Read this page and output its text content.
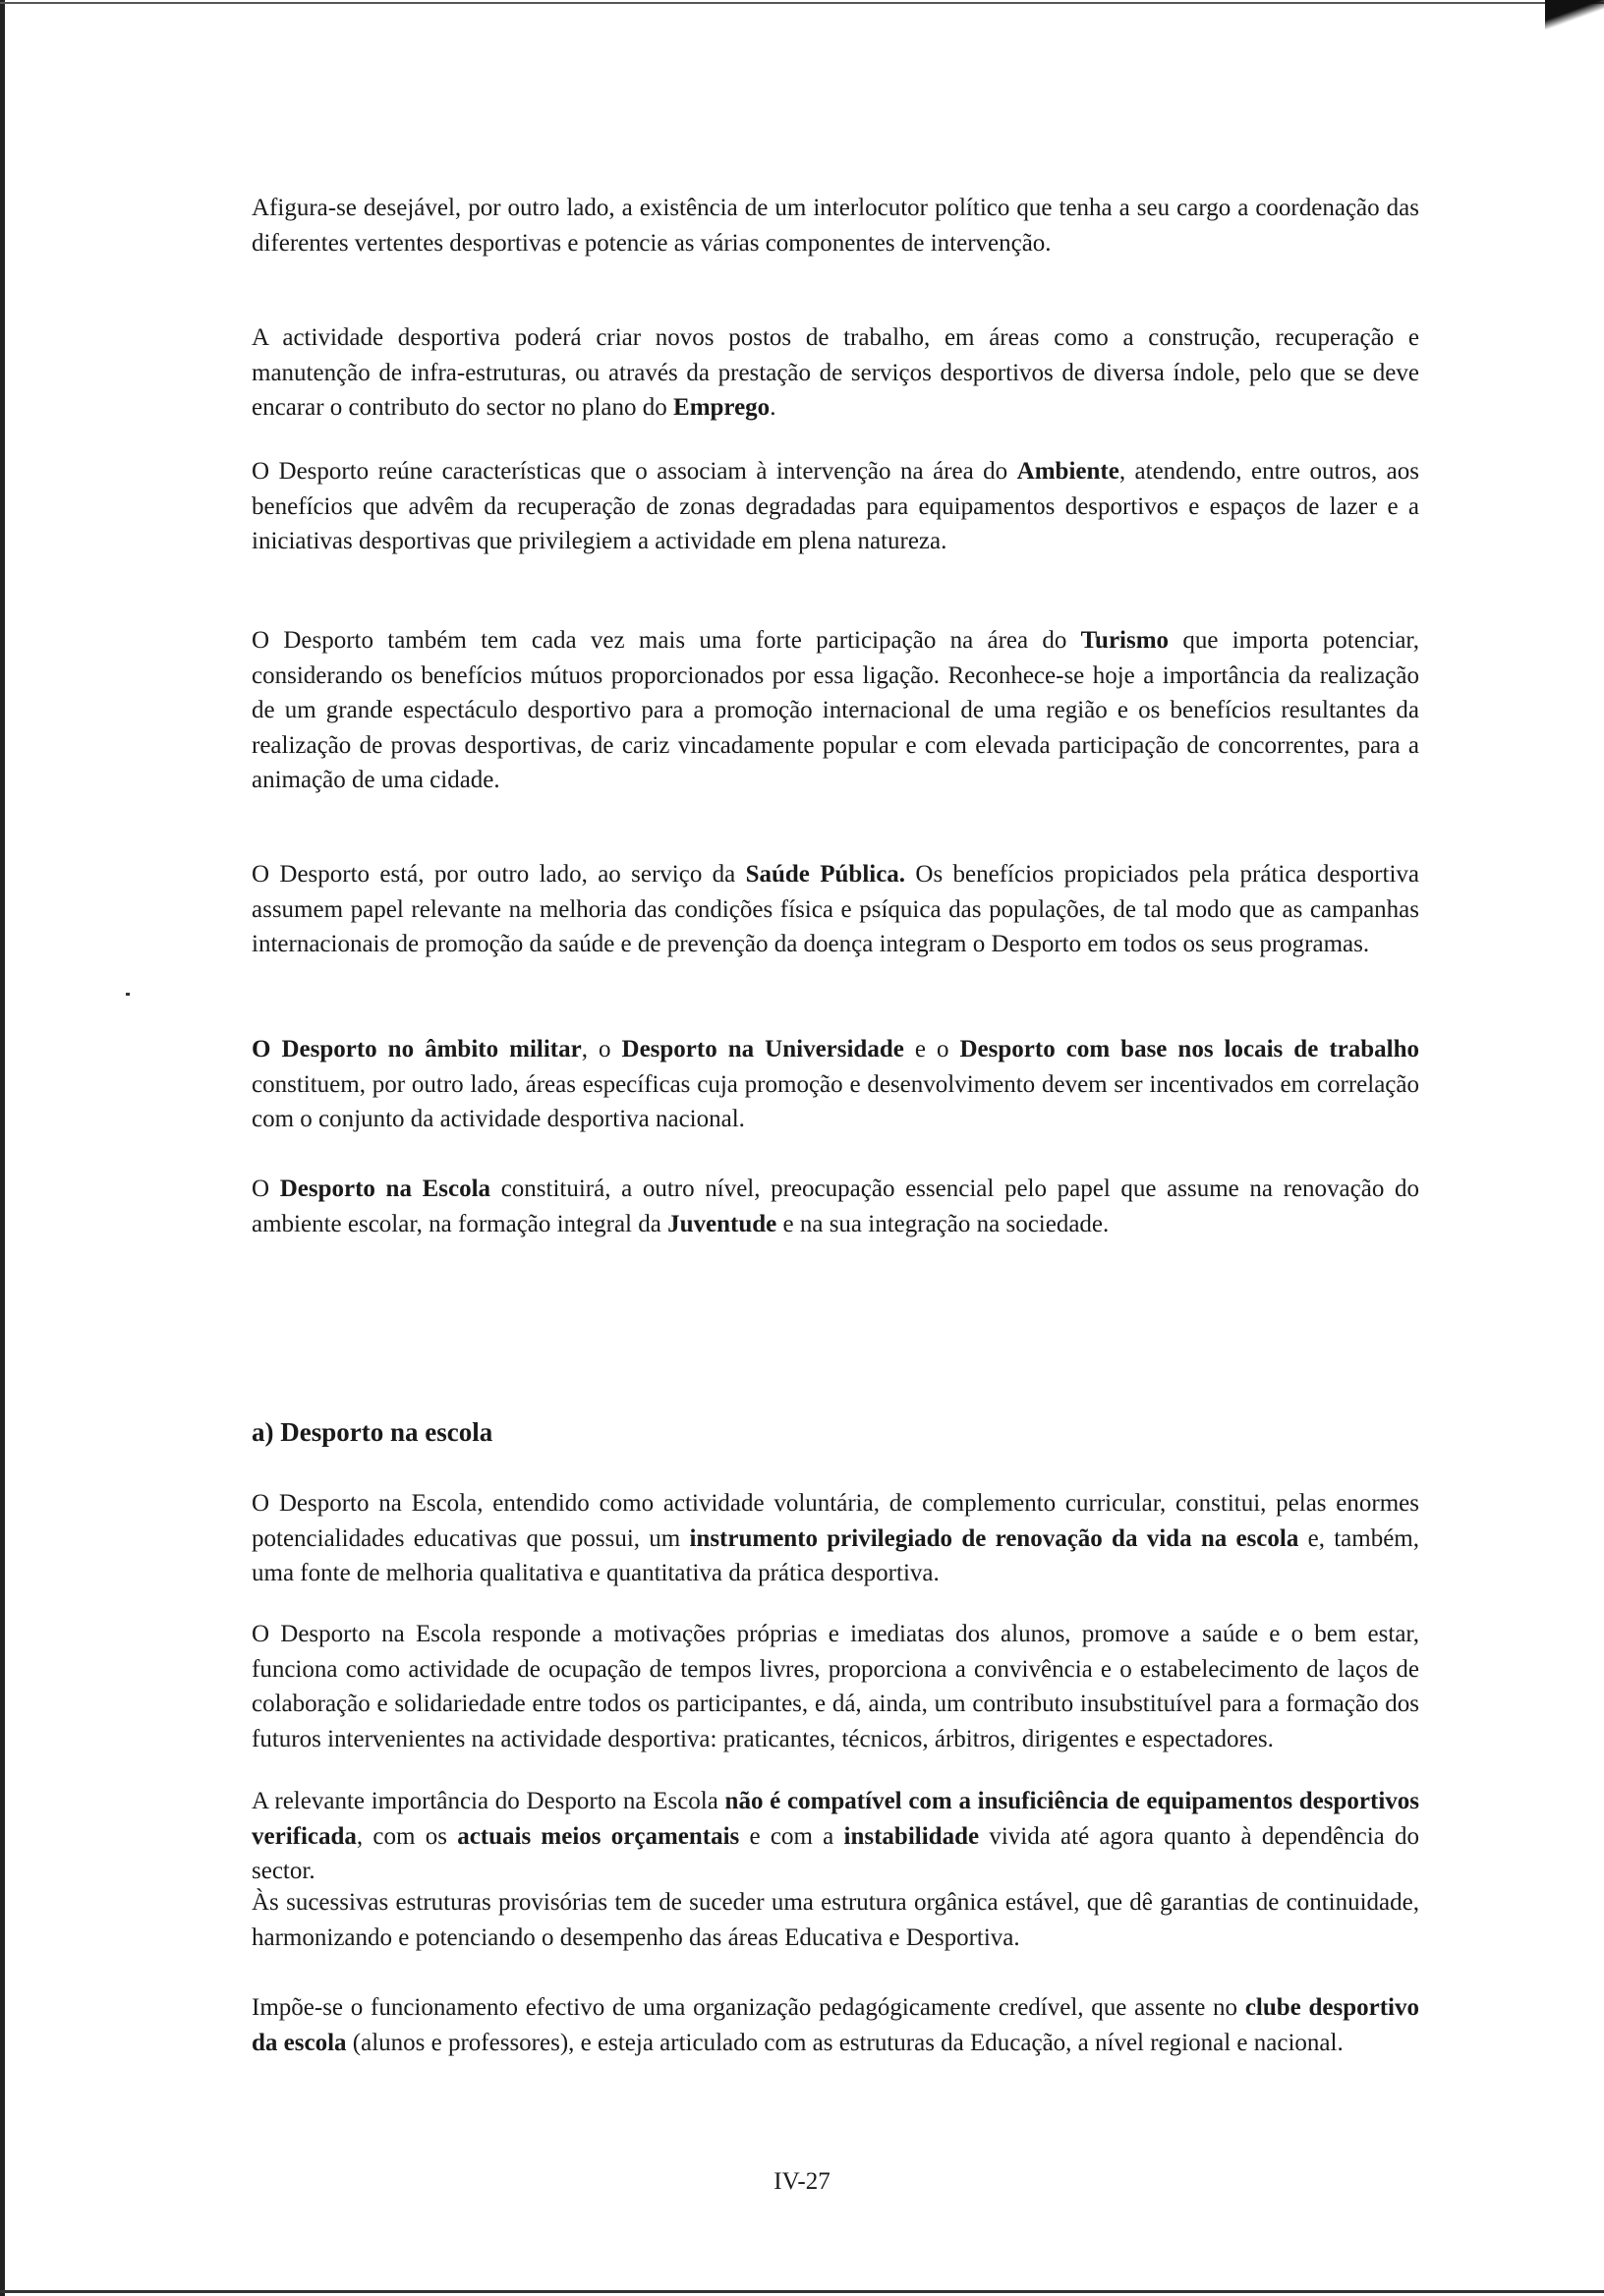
Afigura-se desejável, por outro lado, a existência de um interlocutor político que tenha a seu cargo a coordenação das diferentes vertentes desportivas e potencie as várias componentes de intervenção.

A actividade desportiva poderá criar novos postos de trabalho, em áreas como a construção, recuperação e manutenção de infra-estruturas, ou através da prestação de serviços desportivos de diversa índole, pelo que se deve encarar o contributo do sector no plano do Emprego.

O Desporto reúne características que o associam à intervenção na área do Ambiente, atendendo, entre outros, aos benefícios que advêm da recuperação de zonas degradadas para equipamentos desportivos e espaços de lazer e a iniciativas desportivas que privilegiem a actividade em plena natureza.

O Desporto também tem cada vez mais uma forte participação na área do Turismo que importa potenciar, considerando os benefícios mútuos proporcionados por essa ligação. Reconhece-se hoje a importância da realização de um grande espectáculo desportivo para a promoção internacional de uma região e os benefícios resultantes da realização de provas desportivas, de cariz vincadamente popular e com elevada participação de concorrentes, para a animação de uma cidade.

O Desporto está, por outro lado, ao serviço da Saúde Pública. Os benefícios propiciados pela prática desportiva assumem papel relevante na melhoria das condições física e psíquica das populações, de tal modo que as campanhas internacionais de promoção da saúde e de prevenção da doença integram o Desporto em todos os seus programas.

O Desporto no âmbito militar, o Desporto na Universidade e o Desporto com base nos locais de trabalho constituem, por outro lado, áreas específicas cuja promoção e desenvolvimento devem ser incentivados em correlação com o conjunto da actividade desportiva nacional.

O Desporto na Escola constituirá, a outro nível, preocupação essencial pelo papel que assume na renovação do ambiente escolar, na formação integral da Juventude e na sua integração na sociedade.

O Desporto na Escola, entendido como actividade voluntária, de complemento curricular, constitui, pelas enormes potencialidades educativas que possui, um instrumento privilegiado de renovação da vida na escola e, também, uma fonte de melhoria qualitativa e quantitativa da prática desportiva.

O Desporto na Escola responde a motivações próprias e imediatas dos alunos, promove a saúde e o bem estar, funciona como actividade de ocupação de tempos livres, proporciona a convivência e o estabelecimento de laços de colaboração e solidariedade entre todos os participantes, e dá, ainda, um contributo insubstituível para a formação dos futuros intervenientes na actividade desportiva: praticantes, técnicos, árbitros, dirigentes e espectadores.

A relevante importância do Desporto na Escola não é compatível com a insuficiência de equipamentos desportivos verificada, com os actuais meios orçamentais e com a instabilidade vivida até agora quanto à dependência do sector.

Às sucessivas estruturas provisórias tem de suceder uma estrutura orgânica estável, que dê garantias de continuidade, harmonizando e potenciando o desempenho das áreas Educativa e Desportiva.

Impõe-se o funcionamento efectivo de uma organização pedagógicamente credível, que assente no clube desportivo da escola (alunos e professores), e esteja articulado com as estruturas da Educação, a nível regional e nacional.

a) Desporto na escola
IV-27
